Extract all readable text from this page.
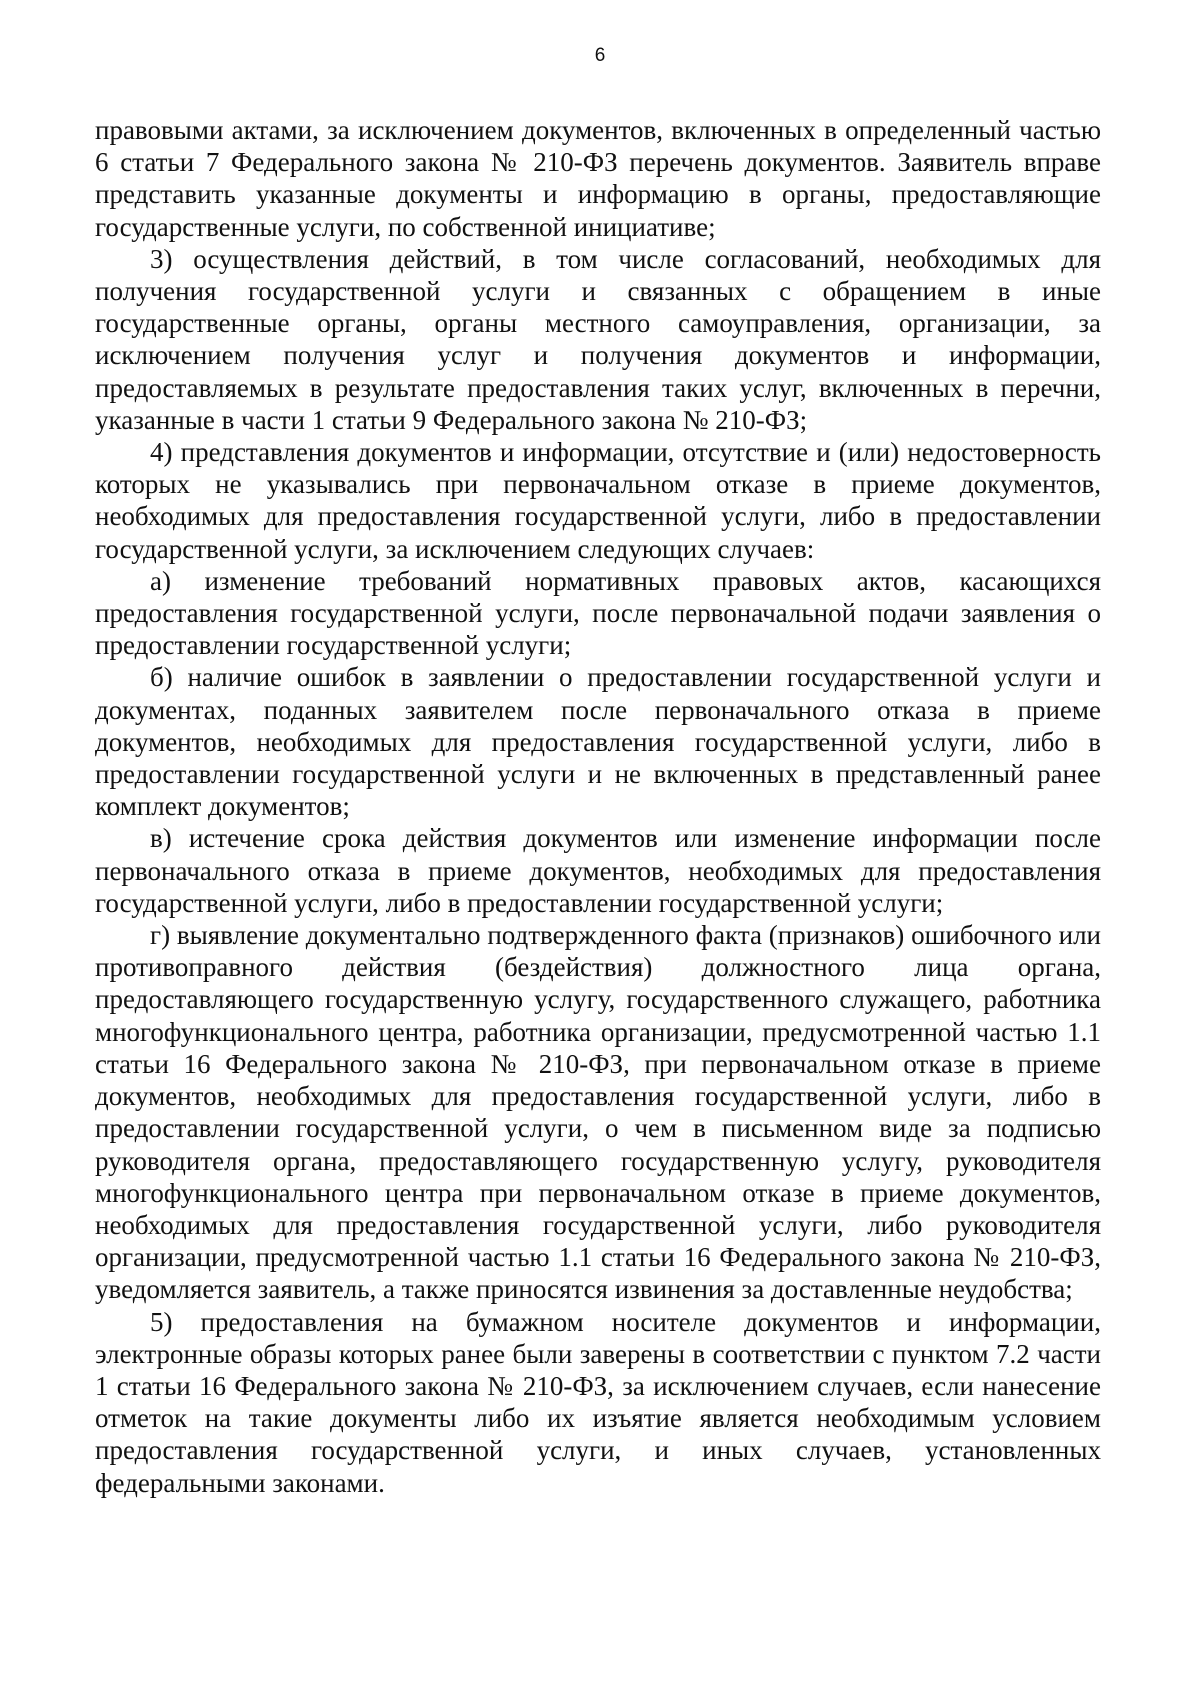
6

правовыми актами, за исключением документов, включенных в определенный частью 6 статьи 7 Федерального закона № 210-ФЗ перечень документов. Заявитель вправе представить указанные документы и информацию в органы, предоставляющие государственные услуги, по собственной инициативе;

3) осуществления действий, в том числе согласований, необходимых для получения государственной услуги и связанных с обращением в иные государственные органы, органы местного самоуправления, организации, за исключением получения услуг и получения документов и информации, предоставляемых в результате предоставления таких услуг, включенных в перечни, указанные в части 1 статьи 9 Федерального закона № 210-ФЗ;

4) представления документов и информации, отсутствие и (или) недостоверность которых не указывались при первоначальном отказе в приеме документов, необходимых для предоставления государственной услуги, либо в предоставлении государственной услуги, за исключением следующих случаев:

а) изменение требований нормативных правовых актов, касающихся предоставления государственной услуги, после первоначальной подачи заявления о предоставлении государственной услуги;

б) наличие ошибок в заявлении о предоставлении государственной услуги и документах, поданных заявителем после первоначального отказа в приеме документов, необходимых для предоставления государственной услуги, либо в предоставлении государственной услуги и не включенных в представленный ранее комплект документов;

в) истечение срока действия документов или изменение информации после первоначального отказа в приеме документов, необходимых для предоставления государственной услуги, либо в предоставлении государственной услуги;

г) выявление документально подтвержденного факта (признаков) ошибочного или противоправного действия (бездействия) должностного лица органа, предоставляющего государственную услугу, государственного служащего, работника многофункционального центра, работника организации, предусмотренной частью 1.1 статьи 16 Федерального закона № 210-ФЗ, при первоначальном отказе в приеме документов, необходимых для предоставления государственной услуги, либо в предоставлении государственной услуги, о чем в письменном виде за подписью руководителя органа, предоставляющего государственную услугу, руководителя многофункционального центра при первоначальном отказе в приеме документов, необходимых для предоставления государственной услуги, либо руководителя организации, предусмотренной частью 1.1 статьи 16 Федерального закона № 210-ФЗ, уведомляется заявитель, а также приносятся извинения за доставленные неудобства;

5) предоставления на бумажном носителе документов и информации, электронные образы которых ранее были заверены в соответствии с пунктом 7.2 части 1 статьи 16 Федерального закона № 210-ФЗ, за исключением случаев, если нанесение отметок на такие документы либо их изъятие является необходимым условием предоставления государственной услуги, и иных случаев, установленных федеральными законами.
